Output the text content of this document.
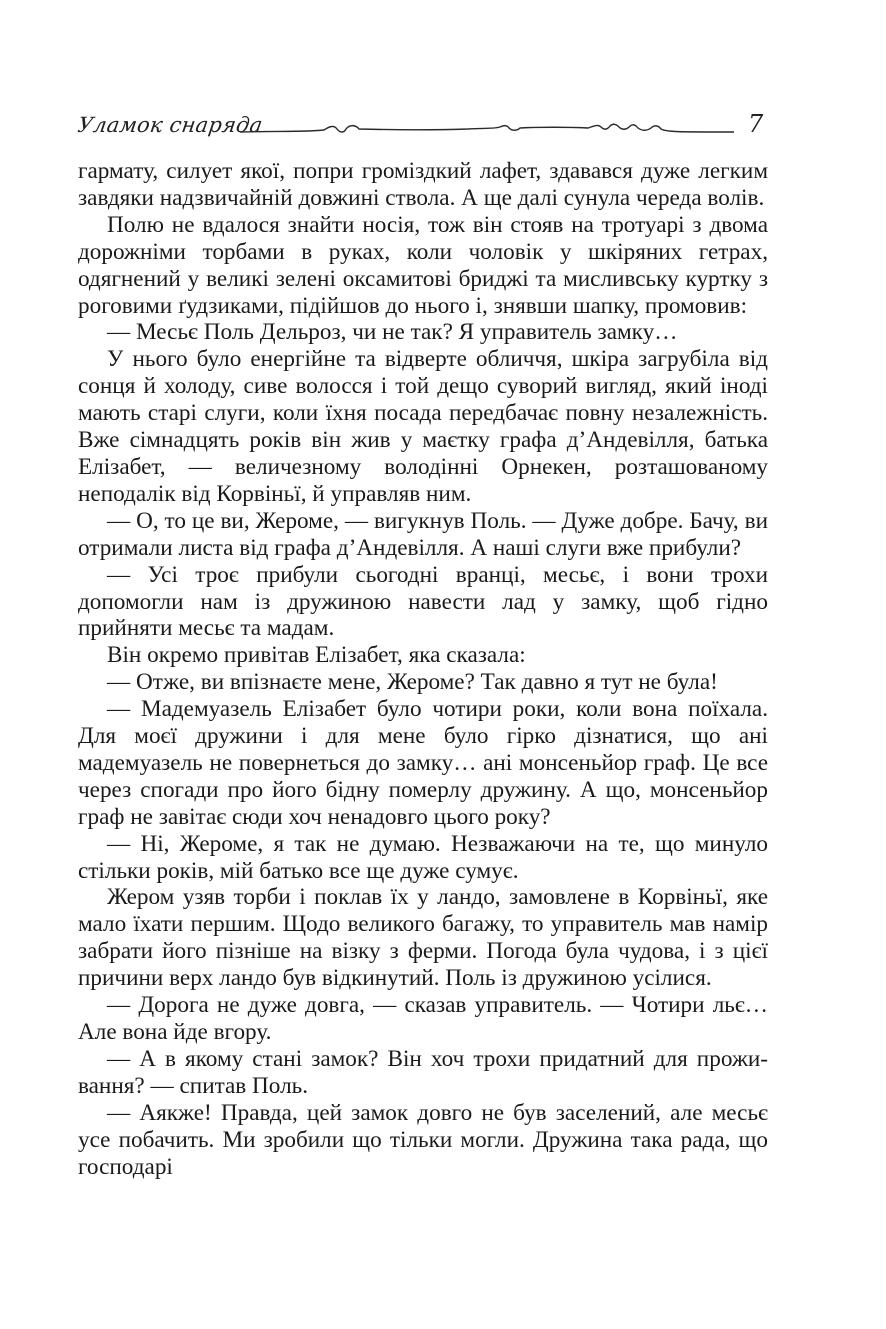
Уламок снаряда	7

гармату, силует якої, попри громіздкий лафет, здавався дуже легким завдяки надзвичайній довжині ствола. А ще далі сунула череда волів.

Полю не вдалося знайти носія, тож він стояв на тротуарі з двома дорожніми торбами в руках, коли чоловік у шкіряних гетрах, одягнений у великі зелені оксамитові бриджі та мисливську куртку з роговими ґудзиками, підійшов до нього і, знявши шапку, промовив:

— Месьє Поль Дельроз, чи не так? Я управитель замку…

У нього було енергійне та відверте обличчя, шкіра загрубіла від сонця й холоду, сиве волосся і той дещо суворий вигляд, який іноді мають старі слуги, коли їхня посада передбачає повну незалежність. Вже сімнадцять років він жив у маєтку графа д’Андевілля, батька Елізабет, — величезному володінні Орнекен, розташованому неподалік від Корвіньї, й управляв ним.

— О, то це ви, Жероме, — вигукнув Поль. — Дуже добре. Бачу, ви отримали листа від графа д’Андевілля. А наші слуги вже прибули?

— Усі троє прибули сьогодні вранці, месьє, і вони трохи допомогли нам із дружиною навести лад у замку, щоб гідно прийняти месьє та мадам.

Він окремо привітав Елізабет, яка сказала:

— Отже, ви впізнаєте мене, Жероме? Так давно я тут не була!

— Мадемуазель Елізабет було чотири роки, коли вона поїхала. Для моєї дружини і для мене було гірко дізнатися, що ані мадемуазель не повернеться до замку… ані монсеньйор граф. Це все через спогади про його бідну померлу дружину. А що, монсеньйор граф не завітає сюди хоч ненадовго цього року?

— Ні, Жероме, я так не думаю. Незважаючи на те, що минуло стільки років, мій батько все ще дуже сумує.

Жером узяв торби і поклав їх у ландо, замовлене в Корвіньї, яке мало їхати першим. Щодо великого багажу, то управитель мав намір забрати його пізніше на візку з ферми. Погода була чудова, і з цієї причини верх ландо був відкинутий. Поль із дружиною усілися.

— Дорога не дуже довга, — сказав управитель. — Чотири льє… Але вона йде вгору.

— А в якому стані замок? Він хоч трохи придатний для проживання? — спитав Поль.

— Аякже! Правда, цей замок довго не був заселений, але месьє усе побачить. Ми зробили що тільки могли. Дружина така рада, що господарі
